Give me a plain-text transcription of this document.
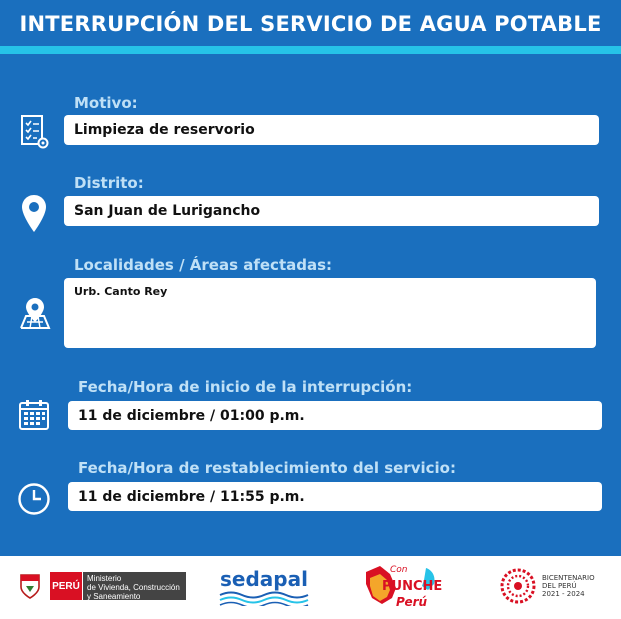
INTERRUPCIÓN DEL SERVICIO DE AGUA POTABLE
Motivo:
Limpieza de reservorio
Distrito:
San Juan de Lurigancho
Localidades / Áreas afectadas:
Urb. Canto Rey
Fecha/Hora de inicio de la interrupción:
11 de diciembre / 01:00 p.m.
Fecha/Hora de restablecimiento del servicio:
11 de diciembre / 11:55 p.m.
PERÚ
Ministerio
de Vivienda, Construcción
y Saneamiento
sedapal	Con
PUNCHE
Perú
BICENTENARIO
DEL PERÚ
2021 - 2024
